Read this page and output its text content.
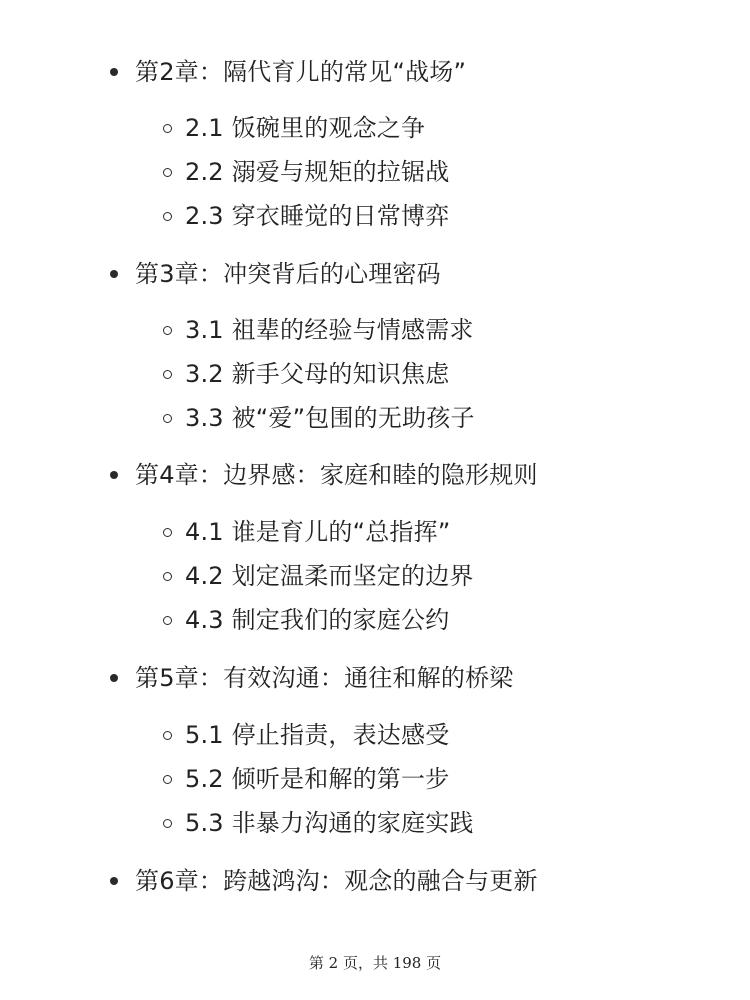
第2章：隔代育儿的常见“战场”
2.1 饭碗里的观念之争
2.2 溺爱与规矩的拉锯战
2.3 穿衣睡觉的日常博弈
第3章：冲突背后的心理密码
3.1 祖辈的经验与情感需求
3.2 新手父母的知识焦虑
3.3 被“爱”包围的无助孩子
第4章：边界感：家庭和睦的隐形规则
4.1 谁是育儿的“总指挥”
4.2 划定温柔而坚定的边界
4.3 制定我们的家庭公约
第5章：有效沟通：通往和解的桥梁
5.1 停止指责，表达感受
5.2 倾听是和解的第一步
5.3 非暴力沟通的家庭实践
第6章：跨越鸿沟：观念的融合与更新
第 2 页，共 198 页
